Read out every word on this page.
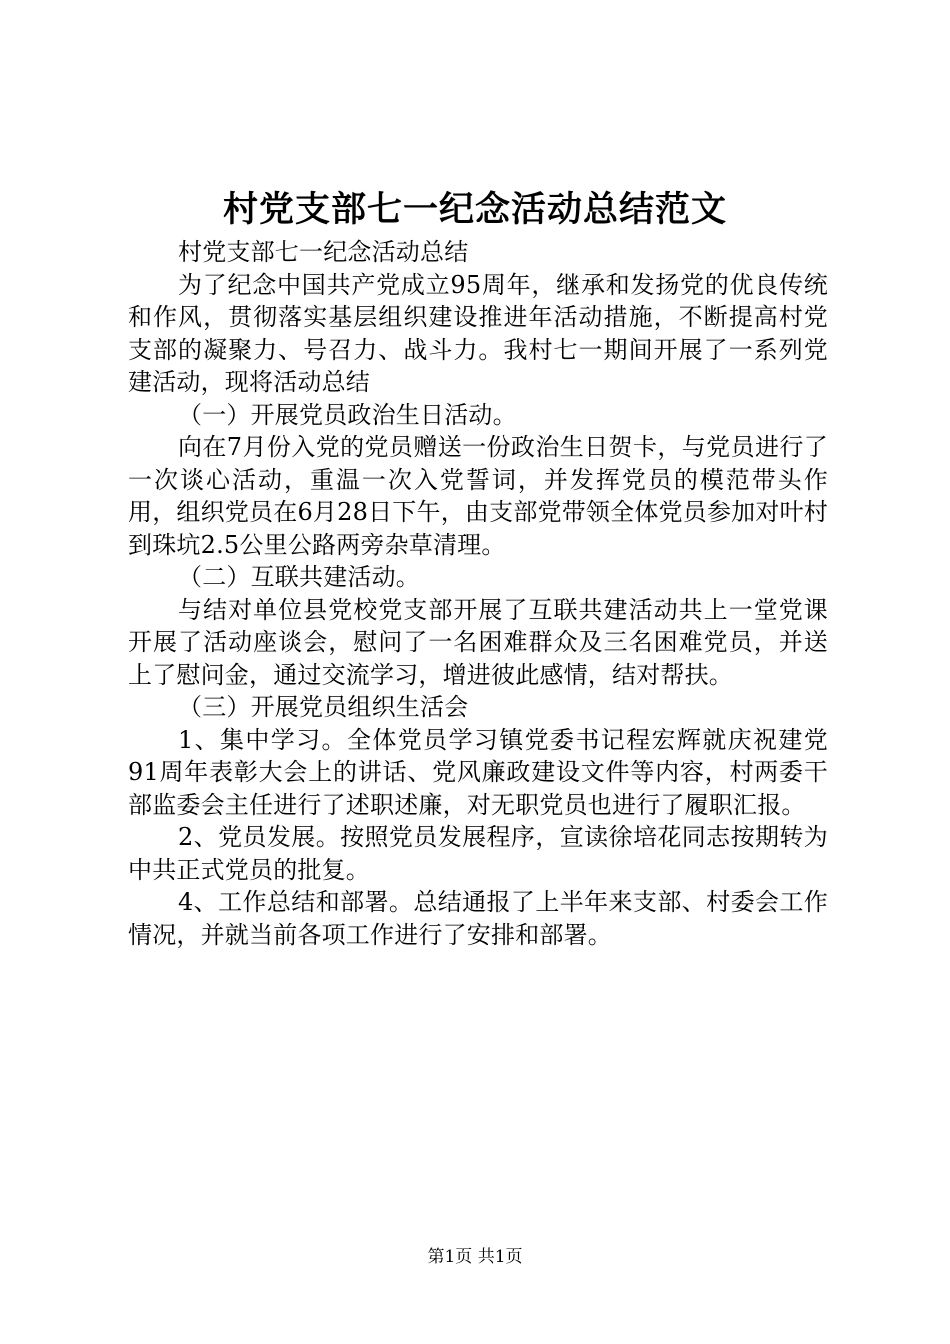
村党支部七一纪念活动总结范文

村党支部七一纪念活动总结

为了纪念中国共产党成立95周年，继承和发扬党的优良传统和作风，贯彻落实基层组织建设推进年活动措施，不断提高村党支部的凝聚力、号召力、战斗力。我村七一期间开展了一系列党建活动，现将活动总结

（一）开展党员政治生日活动。

向在7月份入党的党员赠送一份政治生日贺卡，与党员进行了一次谈心活动，重温一次入党誓词，并发挥党员的模范带头作用，组织党员在6月28日下午，由支部党带领全体党员参加对叶村到珠坑2.5公里公路两旁杂草清理。

（二）互联共建活动。

与结对单位县党校党支部开展了互联共建活动共上一堂党课开展了活动座谈会，慰问了一名困难群众及三名困难党员，并送上了慰问金，通过交流学习，增进彼此感情，结对帮扶。

（三）开展党员组织生活会

1、集中学习。全体党员学习镇党委书记程宏辉就庆祝建党91周年表彰大会上的讲话、党风廉政建设文件等内容，村两委干部监委会主任进行了述职述廉，对无职党员也进行了履职汇报。

2、党员发展。按照党员发展程序，宣读徐培花同志按期转为中共正式党员的批复。

4、工作总结和部署。总结通报了上半年来支部、村委会工作情况，并就当前各项工作进行了安排和部署。

第1页 共1页
